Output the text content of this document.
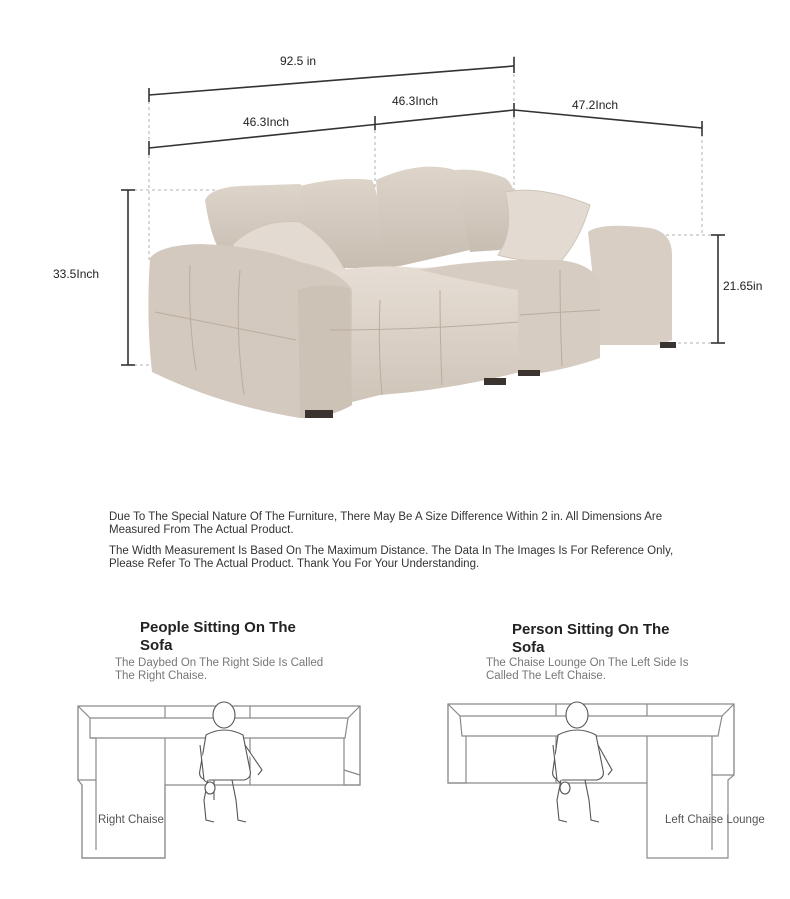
92.5 in
46.3Inch
46.3Inch	47.2Inch
33.5Inch
21.65in
Due To The Special Nature Of The Furniture, There May Be A Size Difference Within 2 in. All Dimensions Are Measured From The Actual Product.
The Width Measurement Is Based On The Maximum Distance. The Data In The Images Is For Reference Only, Please Refer To The Actual Product. Thank You For Your Understanding.
People Sitting On The Sofa
The Daybed On The Right Side Is Called The Right Chaise.
Right Chaise
Person Sitting On The Sofa
The Chaise Lounge On The Left Side Is Called The Left Chaise.
Left Chaise Lounge
